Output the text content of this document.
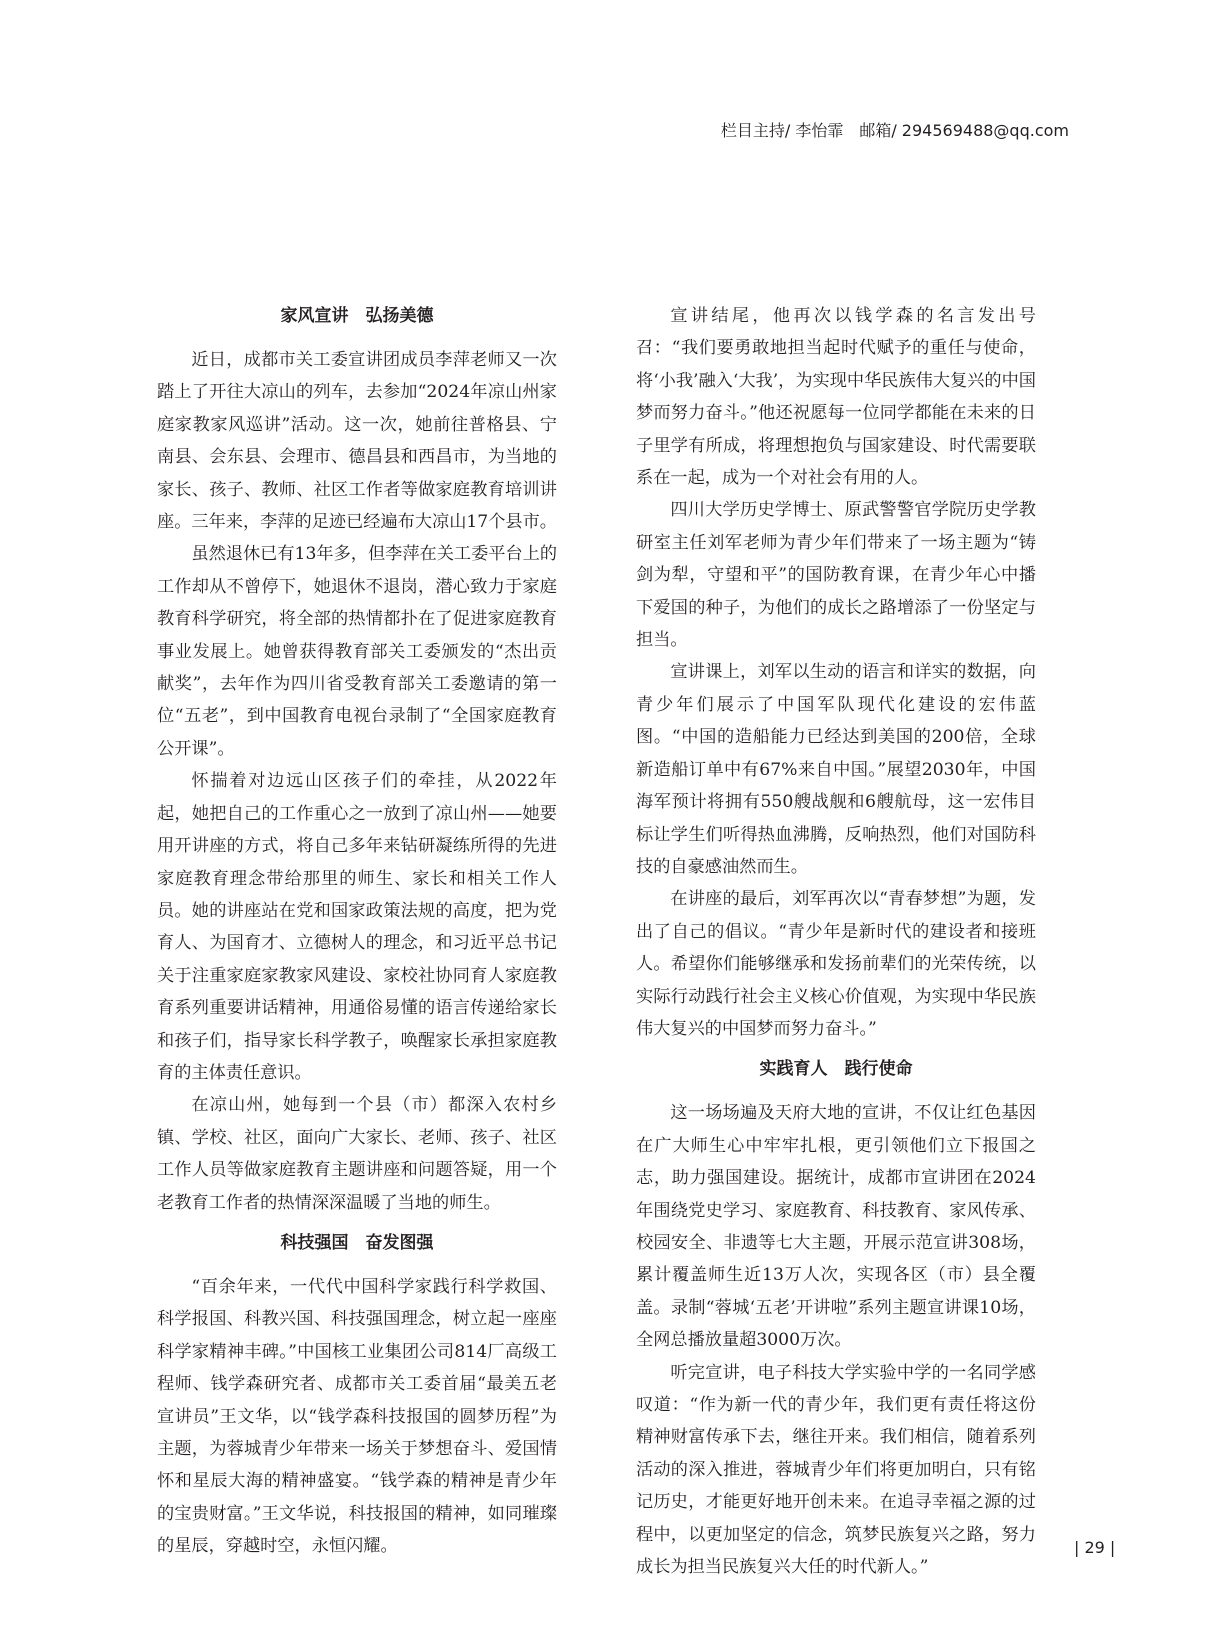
栏目主持/ 李怡霏 邮箱/ 294569488@qq.com
家风宣讲　弘扬美德

近日，成都市关工委宣讲团成员李萍老师又一次踏上了开往大凉山的列车，去参加“2024年凉山州家庭家教家风巡讲”活动。这一次，她前往普格县、宁南县、会东县、会理市、德昌县和西昌市，为当地的家长、孩子、教师、社区工作者等做家庭教育培训讲座。三年来，李萍的足迹已经遍布大凉山17个县市。

虽然退休已有13年多，但李萍在关工委平台上的工作却从不曾停下，她退休不退岗，潜心致力于家庭教育科学研究，将全部的热情都扑在了促进家庭教育事业发展上。她曾获得教育部关工委颁发的“杰出贡献奖”，去年作为四川省受教育部关工委邀请的第一位“五老”，到中国教育电视台录制了“全国家庭教育公开课”。

怀揣着对边远山区孩子们的牵挂，从2022年起，她把自己的工作重心之一放到了凉山州——她要用开讲座的方式，将自己多年来钻研凝练所得的先进家庭教育理念带给那里的师生、家长和相关工作人员。她的讲座站在党和国家政策法规的高度，把为党育人、为国育才、立德树人的理念，和习近平总书记关于注重家庭家教家风建设、家校社协同育人家庭教育系列重要讲话精神，用通俗易懂的语言传递给家长和孩子们，指导家长科学教子，唤醒家长承担家庭教育的主体责任意识。

在凉山州，她每到一个县（市）都深入农村乡镇、学校、社区，面向广大家长、老师、孩子、社区工作人员等做家庭教育主题讲座和问题答疑，用一个老教育工作者的热情深深温暖了当地的师生。

科技强国　奋发图强

“百余年来，一代代中国科学家践行科学救国、科学报国、科教兴国、科技强国理念，树立起一座座科学家精神丰碑。”中国核工业集团公司814厂高级工程师、钱学森研究者、成都市关工委首届“最美五老宣讲员”王文华，以“钱学森科技报国的圆梦历程”为主题，为蓉城青少年带来一场关于梦想奋斗、爱国情怀和星辰大海的精神盛宴。“钱学森的精神是青少年的宝贵财富。”王文华说，科技报国的精神，如同璀璨的星辰，穿越时空，永恒闪耀。

宣讲结尾，他再次以钱学森的名言发出号召：“我们要勇敢地担当起时代赋予的重任与使命，将‘小我’融入‘大我’，为实现中华民族伟大复兴的中国梦而努力奋斗。”他还祝愿每一位同学都能在未来的日子里学有所成，将理想抱负与国家建设、时代需要联系在一起，成为一个对社会有用的人。

四川大学历史学博士、原武警警官学院历史学教研室主任刘军老师为青少年们带来了一场主题为“铸剑为犁，守望和平”的国防教育课，在青少年心中播下爱国的种子，为他们的成长之路增添了一份坚定与担当。

宣讲课上，刘军以生动的语言和详实的数据，向青少年们展示了中国军队现代化建设的宏伟蓝图。“中国的造船能力已经达到美国的200倍，全球新造船订单中有67%来自中国。”展望2030年，中国海军预计将拥有550艘战舰和6艘航母，这一宏伟目标让学生们听得热血沸腾，反响热烈，他们对国防科技的自豪感油然而生。

在讲座的最后，刘军再次以“青春梦想”为题，发出了自己的倡议。“青少年是新时代的建设者和接班人。希望你们能够继承和发扬前辈们的光荣传统，以实际行动践行社会主义核心价值观，为实现中华民族伟大复兴的中国梦而努力奋斗。”

实践育人　践行使命

这一场场遍及天府大地的宣讲，不仅让红色基因在广大师生心中牢牢扎根，更引领他们立下报国之志，助力强国建设。据统计，成都市宣讲团在2024年围绕党史学习、家庭教育、科技教育、家风传承、校园安全、非遗等七大主题，开展示范宣讲308场，累计覆盖师生近13万人次，实现各区（市）县全覆盖。录制“蓉城‘五老’开讲啦”系列主题宣讲课10场，全网总播放量超3000万次。

听完宣讲，电子科技大学实验中学的一名同学感叹道：“作为新一代的青少年，我们更有责任将这份精神财富传承下去，继往开来。我们相信，随着系列活动的深入推进，蓉城青少年们将更加明白，只有铭记历史，才能更好地开创未来。在追寻幸福之源的过程中，以更加坚定的信念，筑梦民族复兴之路，努力成长为担当民族复兴大任的时代新人。”

| 29 |
